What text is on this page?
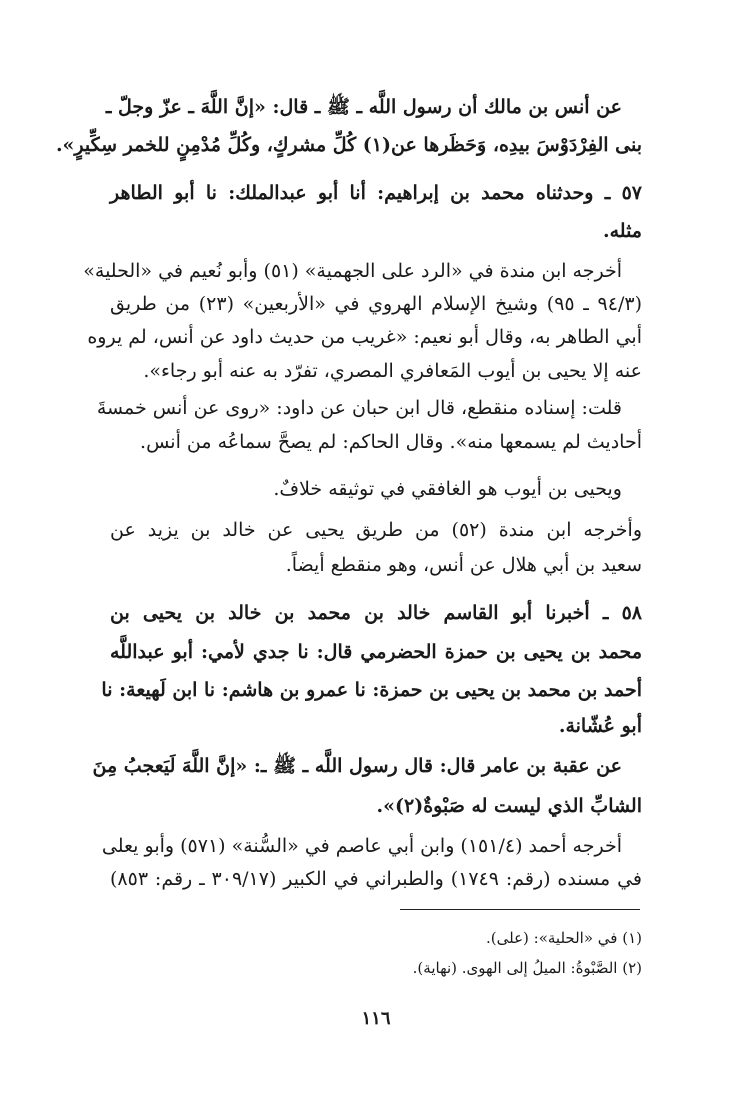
عن أنس بن مالك أن رسول اللَّه ـ ﷺ ـ قال: «إنَّ اللَّهَ ـ عزّ وجلّ ـ
بنى الفِرْدَوْسَ بيدِه، وَحَظَرها عن(١) كُلِّ مشركٍ، وكُلِّ مُدْمِنٍ للخمر سِكِّيرٍ».
٥٧ ـ وحدثناه محمد بن إبراهيم: أنا أبو عبدالملك: نا أبو الطاهر
مثله.
أخرجه ابن مندة في «الرد على الجهمية» (٥١) وأبو نُعيم في «الحلية»
(٩٤/٣ ـ ٩٥) وشيخ الإسلام الهروي في «الأربعين» (٢٣) من طريق
أبي الطاهر به، وقال أبو نعيم: «غريب من حديث داود عن أنس، لم يروه
عنه إلا يحيى بن أيوب المَعافري المصري، تفرّد به عنه أبو رجاء».
قلت: إسناده منقطع، قال ابن حبان عن داود: «روى عن أنس خمسةَ
أحاديث لم يسمعها منه». وقال الحاكم: لم يصحَّ سماعُه من أنس.
ويحيى بن أيوب هو الغافقي في توثيقه خلافٌ.
وأخرجه ابن مندة (٥٢) من طريق يحيى عن خالد بن يزيد عن
سعيد بن أبي هلال عن أنس، وهو منقطع أيضاً.
٥٨ ـ أخبرنا أبو القاسم خالد بن محمد بن خالد بن يحيى بن
محمد بن يحيى بن حمزة الحضرمي قال: نا جدي لأمي: أبو عبداللَّه
أحمد بن محمد بن يحيى بن حمزة: نا عمرو بن هاشم: نا ابن لَهيعة: نا
أبو عُشّانة.
عن عقبة بن عامر قال: قال رسول اللَّه ـ ﷺ ـ: «إنَّ اللَّهَ لَيَعجبُ مِنَ
الشابِّ الذي ليست له صَبْوةٌ(٢)».
أخرجه أحمد (١٥١/٤) وابن أبي عاصم في «السُّنة» (٥٧١) وأبو يعلى
في مسنده (رقم: ١٧٤٩) والطبراني في الكبير (٣٠٩/١٧ ـ رقم: ٨٥٣)
(١) في «الحلية»: (على).
(٢) الصَّبْوةُ: الميلُ إلى الهوى. (نهاية).
١١٦
